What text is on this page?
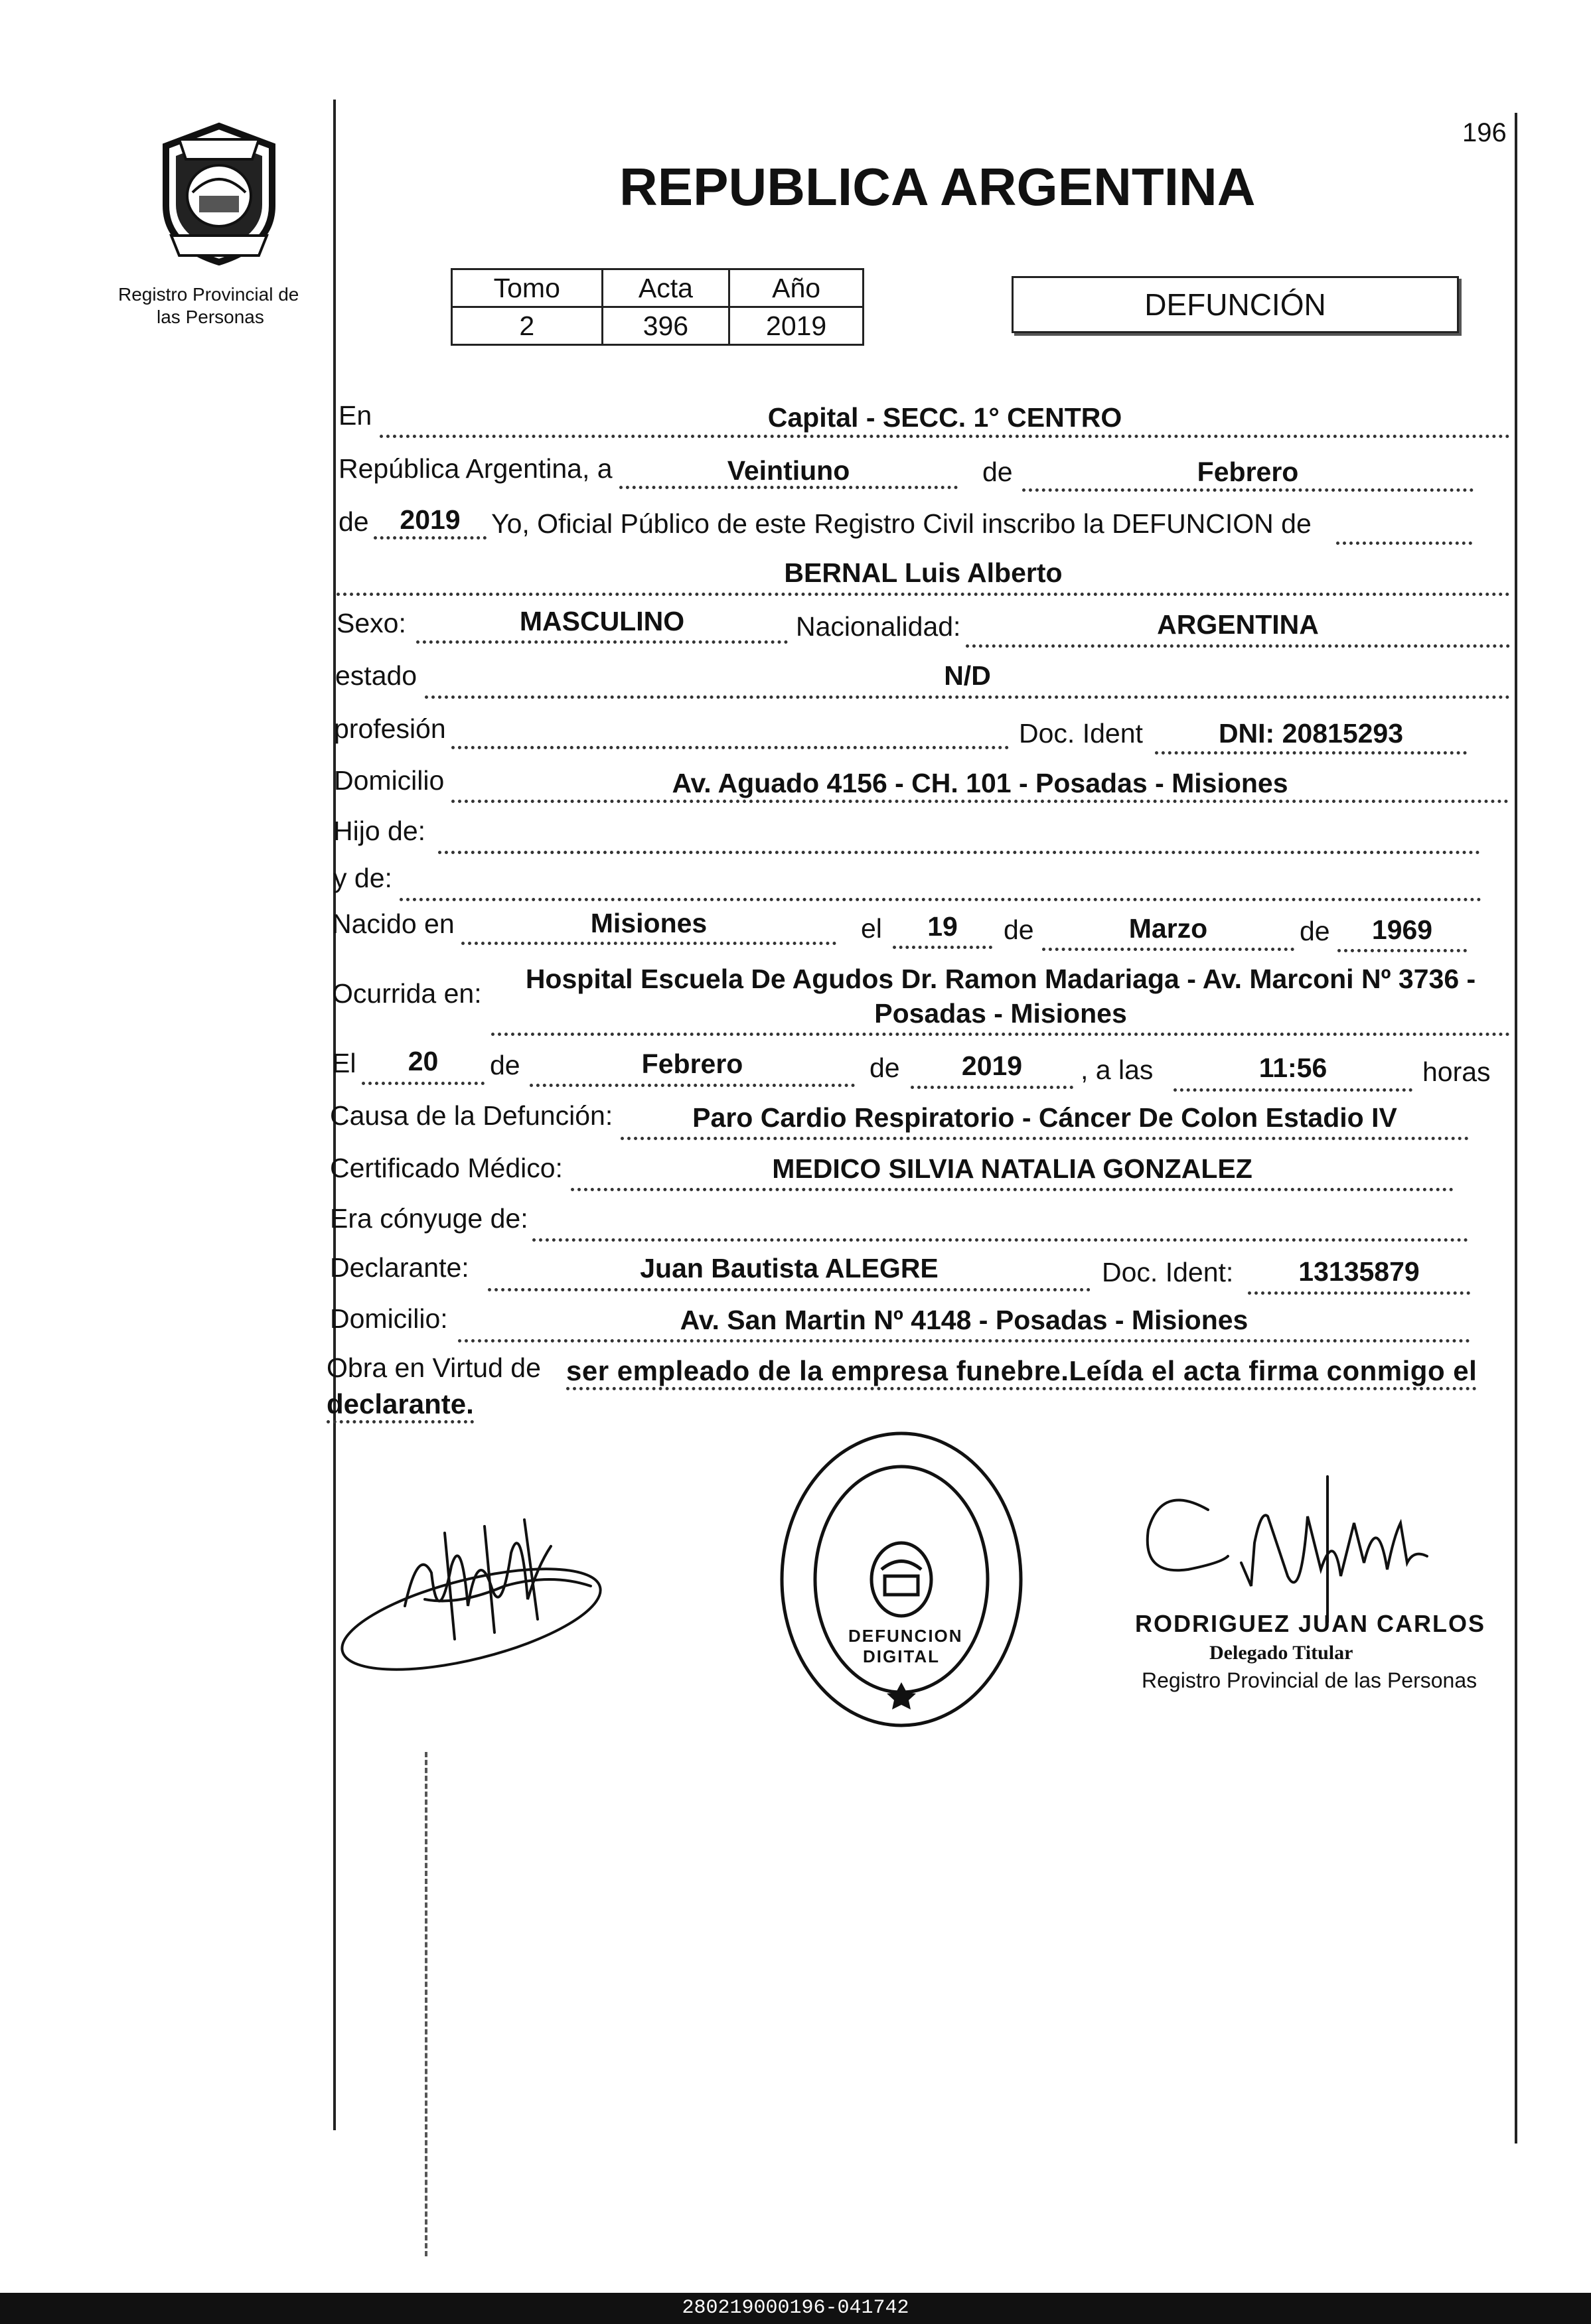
Registro Provincial de
las Personas
196
REPUBLICA ARGENTINA
Tomo	Acta	Año
2	396	2019
DEFUNCIÓN
En	Capital - SECC. 1° CENTRO
República Argentina, a	Veintiuno	de	Febrero
de	2019	Yo, Oficial Público de este Registro Civil inscribo la DEFUNCION de
BERNAL Luis Alberto
Sexo:	MASCULINO	Nacionalidad:	ARGENTINA
estado	N/D
profesión	Doc. Ident	DNI: 20815293
Domicilio	Av. Aguado 4156 - CH. 101 - Posadas - Misiones
Hijo de:
y de:
Nacido en	Misiones	el	19	de	Marzo	de	1969
Ocurrida en:	Hospital Escuela De Agudos Dr. Ramon Madariaga - Av. Marconi Nº 3736 -
Posadas - Misiones
El	20	de	Febrero	de	2019	, a las	11:56	horas
Causa de la Defunción:	Paro Cardio Respiratorio - Cáncer De Colon Estadio IV
Certificado Médico:	MEDICO SILVIA NATALIA GONZALEZ
Era cónyuge de:
Declarante:	Juan Bautista ALEGRE	Doc. Ident:	13135879
Domicilio:	Av. San Martin Nº 4148 - Posadas - Misiones
Obra en Virtud de ser empleado de la empresa funebre.Leída el acta firma conmigo el
declarante.
DEFUNCION DIGITAL
RODRIGUEZ JUAN CARLOS
Delegado Titular
Registro Provincial de las Personas
280219000196-041742
